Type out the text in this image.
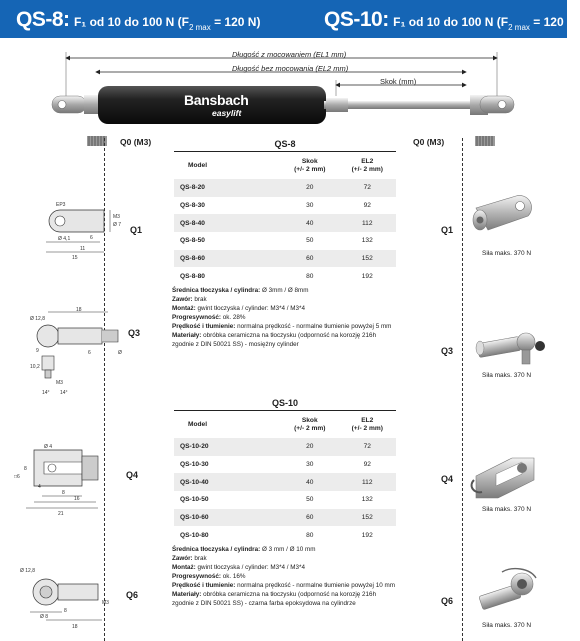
QS-8: F₁ od 10 do 100 N ($F_{2 max} = 120$ N)	QS-10: F₁ od 10 do 100 N ($F_{2 max} = 120$ N)
Długość z mocowaniem (EL1 mm)
Długość bez mocowania (EL2 mm)
Skok (mm)
Bansbach
easylift
Q0 (M3)	Q0 (M3)
EP3
Ø 4,1	6
11
15
Ø 7
M3
Q1
18
Ø 12,8
9	6
10,2
M3
14° 14°
Ø
Q3
Ø 4
8
16
21
8
□6
4
Q4
Ø 12,8
Ø 8
8
18
M3
Q6
QS-8
Model	Skok
(+/- 2 mm)	EL2
(+/- 2 mm)
QS-8-20	20	72
QS-8-30	30	92
QS-8-40	40	112
QS-8-50	50	132
QS-8-60	60	152
QS-8-80	80	192

Średnica tłoczyska / cylindra: Ø 3mm / Ø 8mm

Zawór: brak

Montaż: gwint tłoczyska / cylinder: M3*4 / M3*4

Progresywność: ok. 28%

Prędkość i tłumienie: normalna prędkość - normalne tłumienie powyżej 5 mm

Materiały: obróbka ceramiczna na tłoczysku (odporność na korozję 216h zgodnie z DIN 50021 SS) - mosiężny cylinder

QS-10
Model	Skok
(+/- 2 mm)	EL2
(+/- 2 mm)
QS-10-20	20	72
QS-10-30	30	92
QS-10-40	40	112
QS-10-50	50	132
QS-10-60	60	152
QS-10-80	80	192

Średnica tłoczyska / cylindra: Ø 3 mm / Ø 10 mm

Zawór: brak

Montaż: gwint tłoczyska / cylinder: M3*4 / M3*4

Progresywność: ok. 16%

Prędkość i tłumienie: normalna prędkość - normalne tłumienie powyżej 10 mm

Materiały: obróbka ceramiczna na tłoczysku (odporność na korozję 216h zgodnie z DIN 50021 SS) - czarna farba epoksydowa na cylindrze

Q1
Siła maks. 370 N
Q3
Siła maks. 370 N
Q4
Siła maks. 370 N
Q6
Siła maks. 370 N
